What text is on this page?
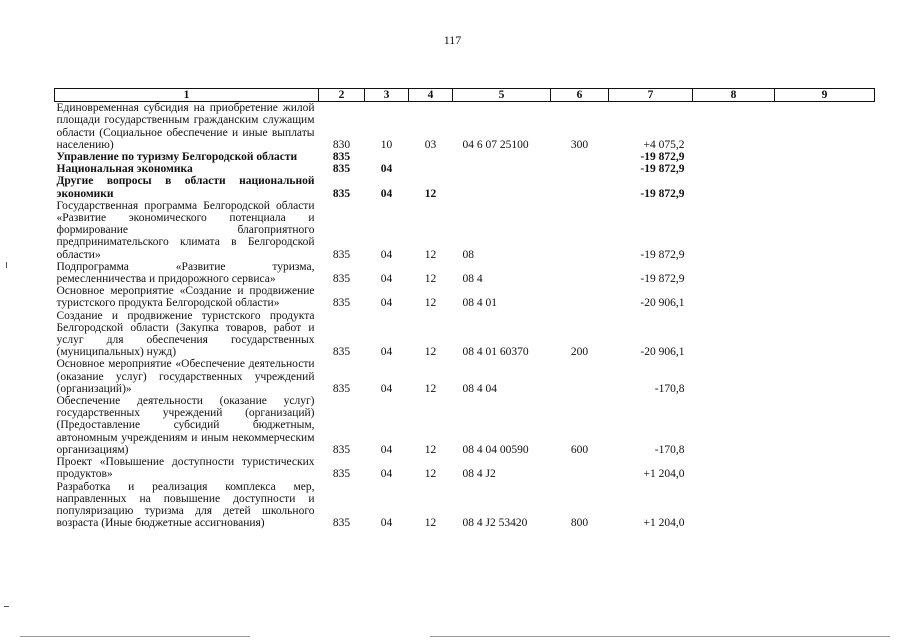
117
1	2	3	4	5	6	7	8	9
Единовременная субсидия на приобретение жилой площади государственным гражданским служащим области (Социальное обеспечение и иные выплаты населению)	830	10	03	04 6 07 25100	300	+4 075,2		
Управление по туризму Белгородской области	835					-19 872,9		
Национальная экономика	835	04				-19 872,9		
Другие вопросы в области национальной экономики	835	04	12			-19 872,9		
Государственная программа Белгородской области «Развитие экономического потенциала и формирование благоприятного предпринимательского климата в Белгородской области»	835	04	12	08		-19 872,9		
Подпрограмма «Развитие туризма, ремесленничества и придорожного сервиса»	835	04	12	08 4		-19 872,9		
Основное мероприятие «Создание и продвижение туристского продукта Белгородской области»	835	04	12	08 4 01		-20 906,1		
Создание и продвижение туристского продукта Белгородской области (Закупка товаров, работ и услуг для обеспечения государственных (муниципальных) нужд)	835	04	12	08 4 01 60370	200	-20 906,1		
Основное мероприятие «Обеспечение деятельности (оказание услуг) государственных учреждений (организаций)»	835	04	12	08 4 04		-170,8		
Обеспечение деятельности (оказание услуг) государственных учреждений (организаций) (Предоставление субсидий бюджетным, автономным учреждениям и иным некоммерческим организациям)	835	04	12	08 4 04 00590	600	-170,8		
Проект «Повышение доступности туристических продуктов»	835	04	12	08 4 J2		+1 204,0		
Разработка и реализация комплекса мер, направленных на повышение доступности и популяризацию туризма для детей школьного возраста (Иные бюджетные ассигнования)	835	04	12	08 4 J2 53420	800	+1 204,0		
